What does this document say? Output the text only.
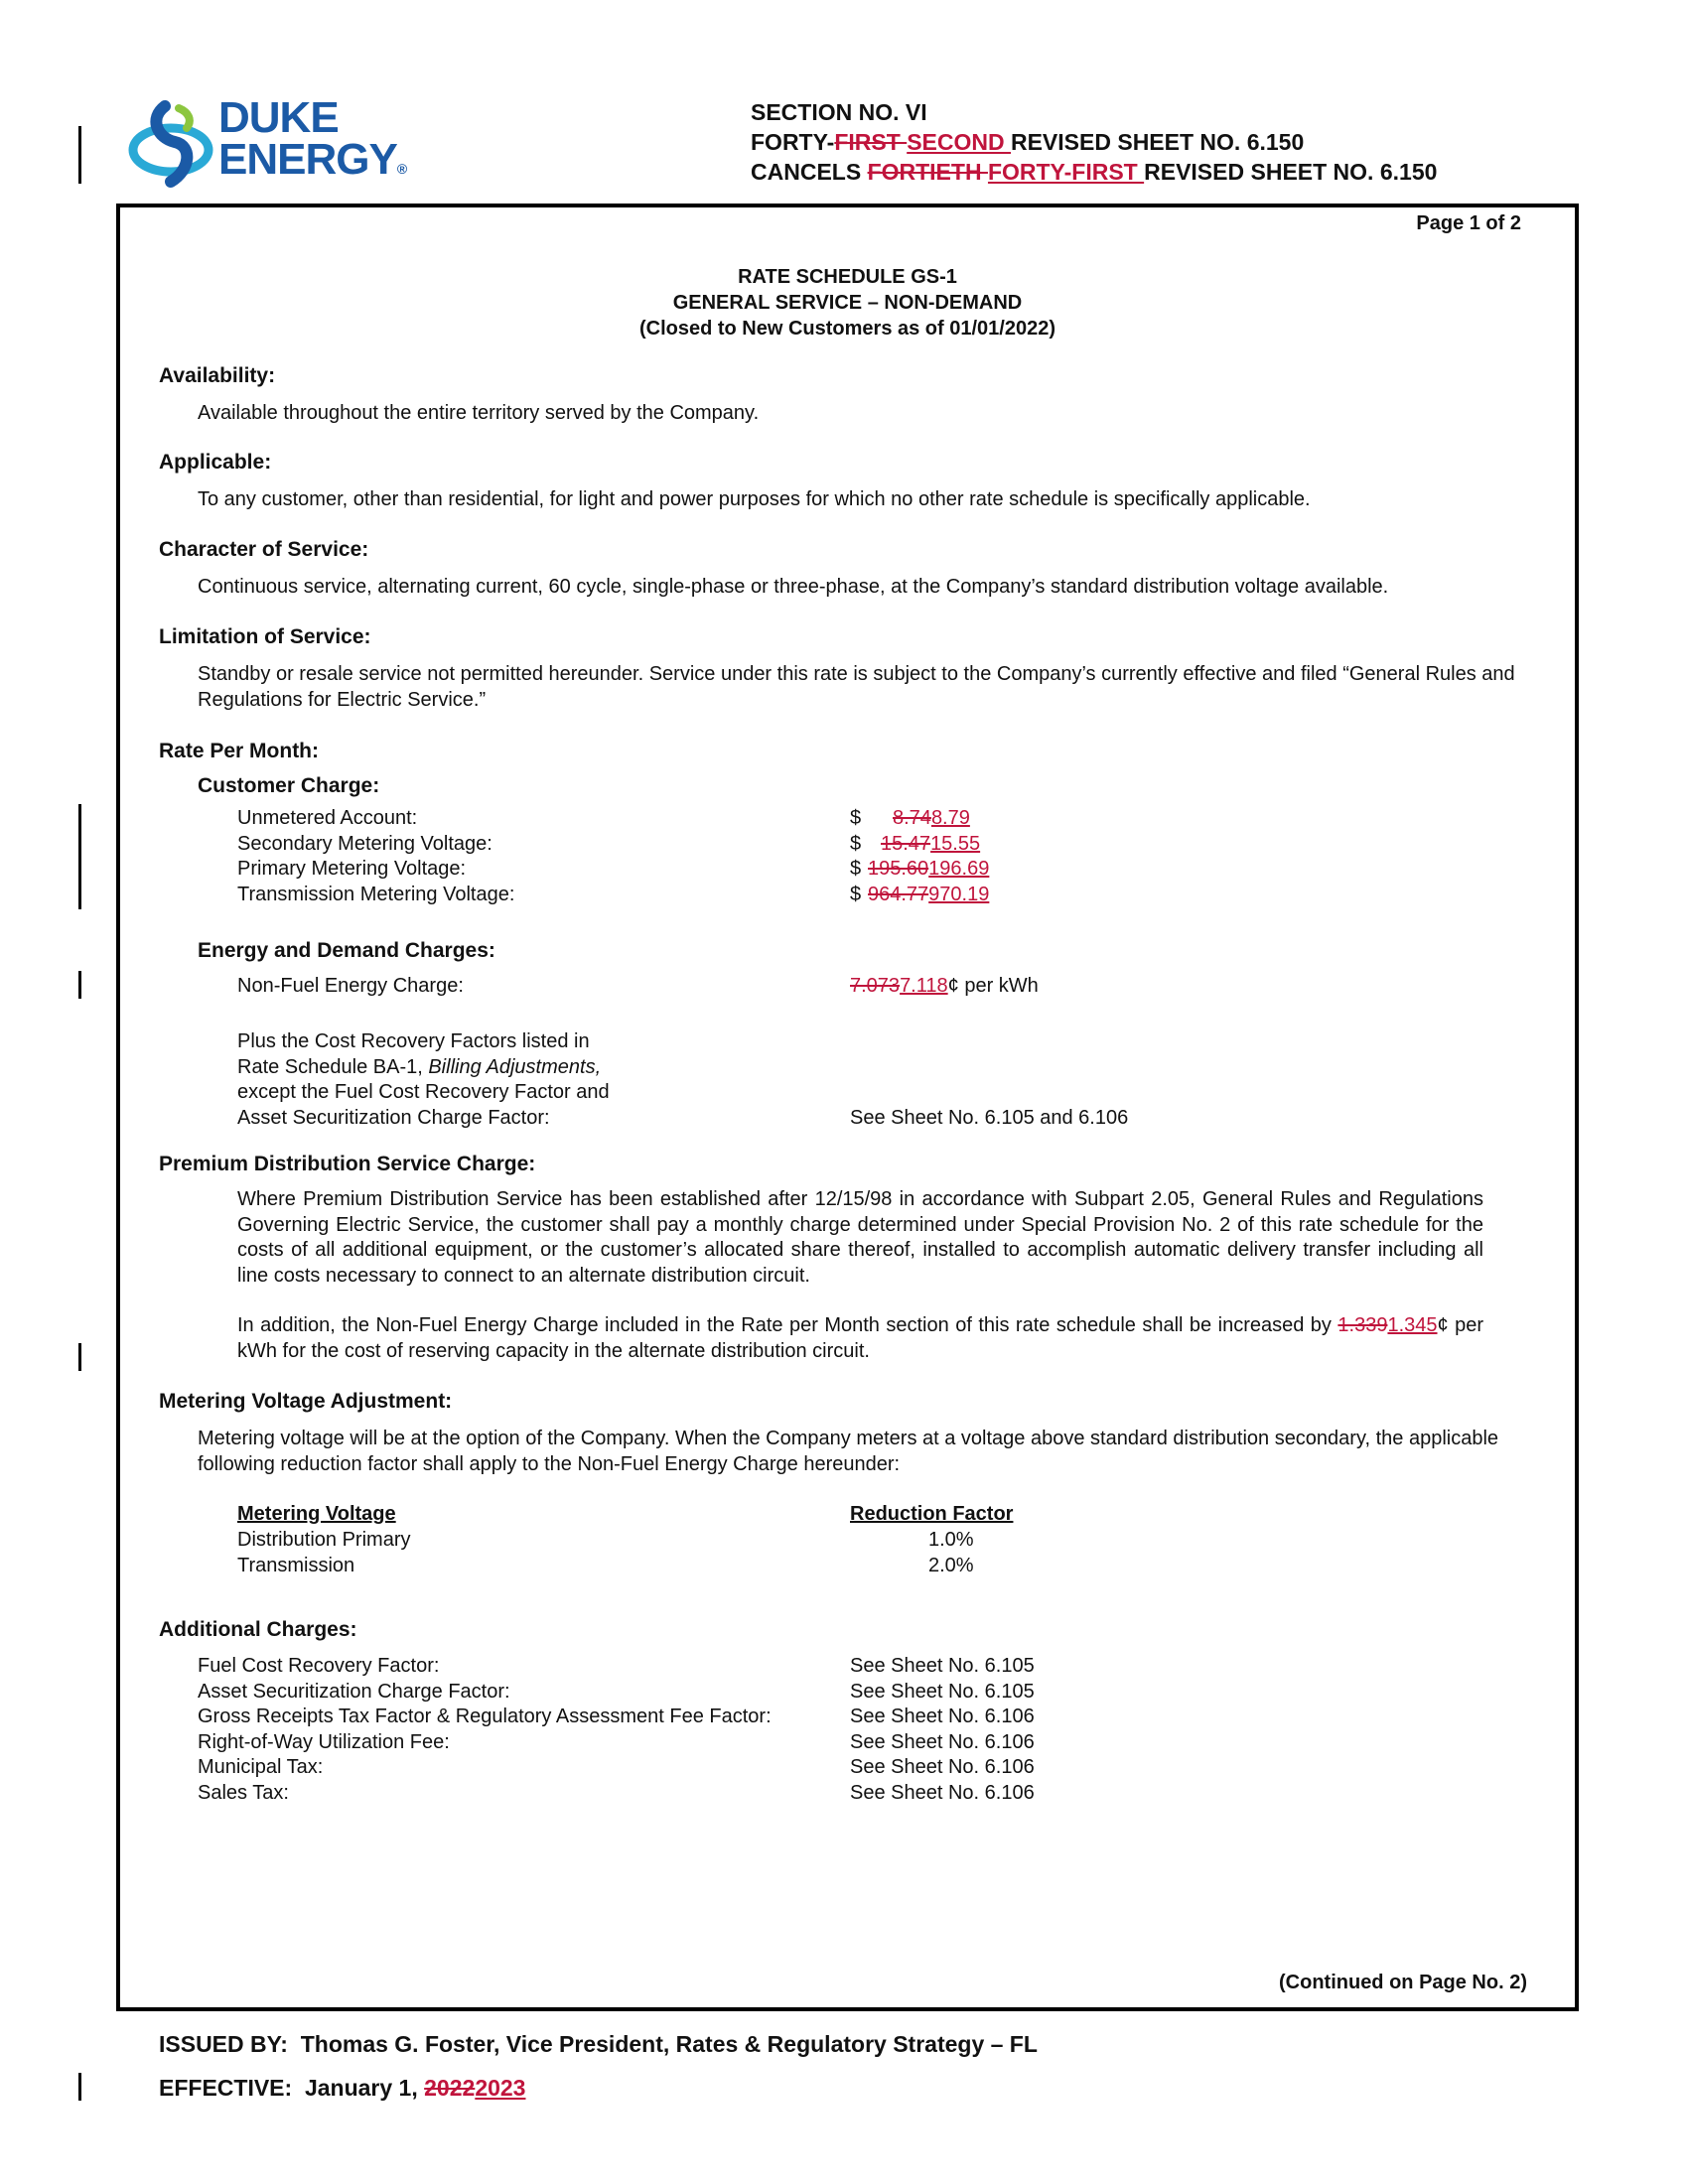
DUKE
ENERGY®
SECTION NO. VI
FORTY-FIRST SECOND REVISED SHEET NO. 6.150
CANCELS FORTIETH FORTY-FIRST REVISED SHEET NO. 6.150
Page 1 of 2
RATE SCHEDULE GS-1
GENERAL SERVICE – NON-DEMAND
(Closed to New Customers as of 01/01/2022)
Availability:
Available throughout the entire territory served by the Company.
Applicable:
To any customer, other than residential, for light and power purposes for which no other rate schedule is specifically applicable.
Character of Service:
Continuous service, alternating current, 60 cycle, single-phase or three-phase, at the Company’s standard distribution voltage available.
Limitation of Service:
Standby or resale service not permitted hereunder. Service under this rate is subject to the Company’s currently effective and filed “General Rules and Regulations for Electric Service.”
Rate Per Month:
Customer Charge:
Unmetered Account:	$ 8.748.79
Secondary Metering Voltage:	$ 15.4715.55
Primary Metering Voltage:	$ 195.60196.69
Transmission Metering Voltage:	$ 964.77970.19
Energy and Demand Charges:
Non-Fuel Energy Charge:	7.0737.118¢ per kWh
Plus the Cost Recovery Factors listed in
Rate Schedule BA-1, Billing Adjustments,
except the Fuel Cost Recovery Factor and
Asset Securitization Charge Factor:	See Sheet No. 6.105 and 6.106
Premium Distribution Service Charge:
Where Premium Distribution Service has been established after 12/15/98 in accordance with Subpart 2.05, General Rules and Regulations Governing Electric Service, the customer shall pay a monthly charge determined under Special Provision No. 2 of this rate schedule for the costs of all additional equipment, or the customer’s allocated share thereof, installed to accomplish automatic delivery transfer including all line costs necessary to connect to an alternate distribution circuit.
In addition, the Non-Fuel Energy Charge included in the Rate per Month section of this rate schedule shall be increased by 1.3391.345¢ per kWh for the cost of reserving capacity in the alternate distribution circuit.
Metering Voltage Adjustment:
Metering voltage will be at the option of the Company. When the Company meters at a voltage above standard distribution secondary, the applicable following reduction factor shall apply to the Non-Fuel Energy Charge hereunder:
Metering Voltage	Reduction Factor
Distribution Primary	1.0%
Transmission	2.0%
Additional Charges:
Fuel Cost Recovery Factor:	See Sheet No. 6.105
Asset Securitization Charge Factor:	See Sheet No. 6.105
Gross Receipts Tax Factor & Regulatory Assessment Fee Factor:	See Sheet No. 6.106
Right-of-Way Utilization Fee:	See Sheet No. 6.106
Municipal Tax:	See Sheet No. 6.106
Sales Tax:	See Sheet No. 6.106
(Continued on Page No. 2)
ISSUED BY: Thomas G. Foster, Vice President, Rates & Regulatory Strategy – FL
EFFECTIVE: January 1, 20222023
